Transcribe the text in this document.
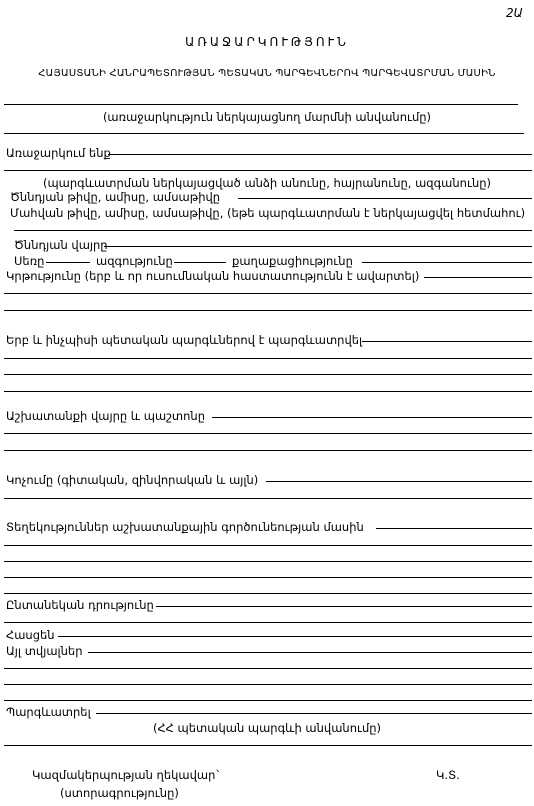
2Ա
ԱՌԱՋԱՐԿՈՒԹՅՈՒՆ
ՀԱՅԱՍՏԱՆԻ ՀԱՆՐԱՊԵՏՈՒԹՅԱՆ ՊԵՏԱԿԱՆ ՊԱՐԳԵՎՆԵՐՈՎ ՊԱՐԳԵՎԱՏՐՄԱՆ ՄԱՍԻՆ
(առաջարկություն ներկայացնող մարմնի անվանումը)
Առաջարկում ենք
(պարգևատրման ներկայացված անձի անունը, հայրանունը, ազգանունը)
Ծննդյան թիվը, ամիսը, ամսաթիվը
Մահվան թիվը, ամիսը, ամսաթիվը, (եթե պարգևատրման է ներկայացվել հետմահու)
Ծննդյան վայրը
Սեռը	ազգությունը	քաղաքացիությունը
Կրթությունը (երբ և որ ուսումնական հաստատությունն է ավարտել)
Երբ և ինչպիսի պետական պարգևներով է պարգևատրվել
Աշխատանքի վայրը և պաշտոնը
Կոչումը (գիտական, զինվորական և այլն)
Տեղեկություններ աշխատանքային գործունեության մասին
Ընտանեկան դրությունը
Հասցեն
Այլ տվյալներ
Պարգևատրել
(ՀՀ պետական պարգևի անվանումը)
Կազմակերպության ղեկավար`	Կ.Տ.
(ստորագրությունը)
